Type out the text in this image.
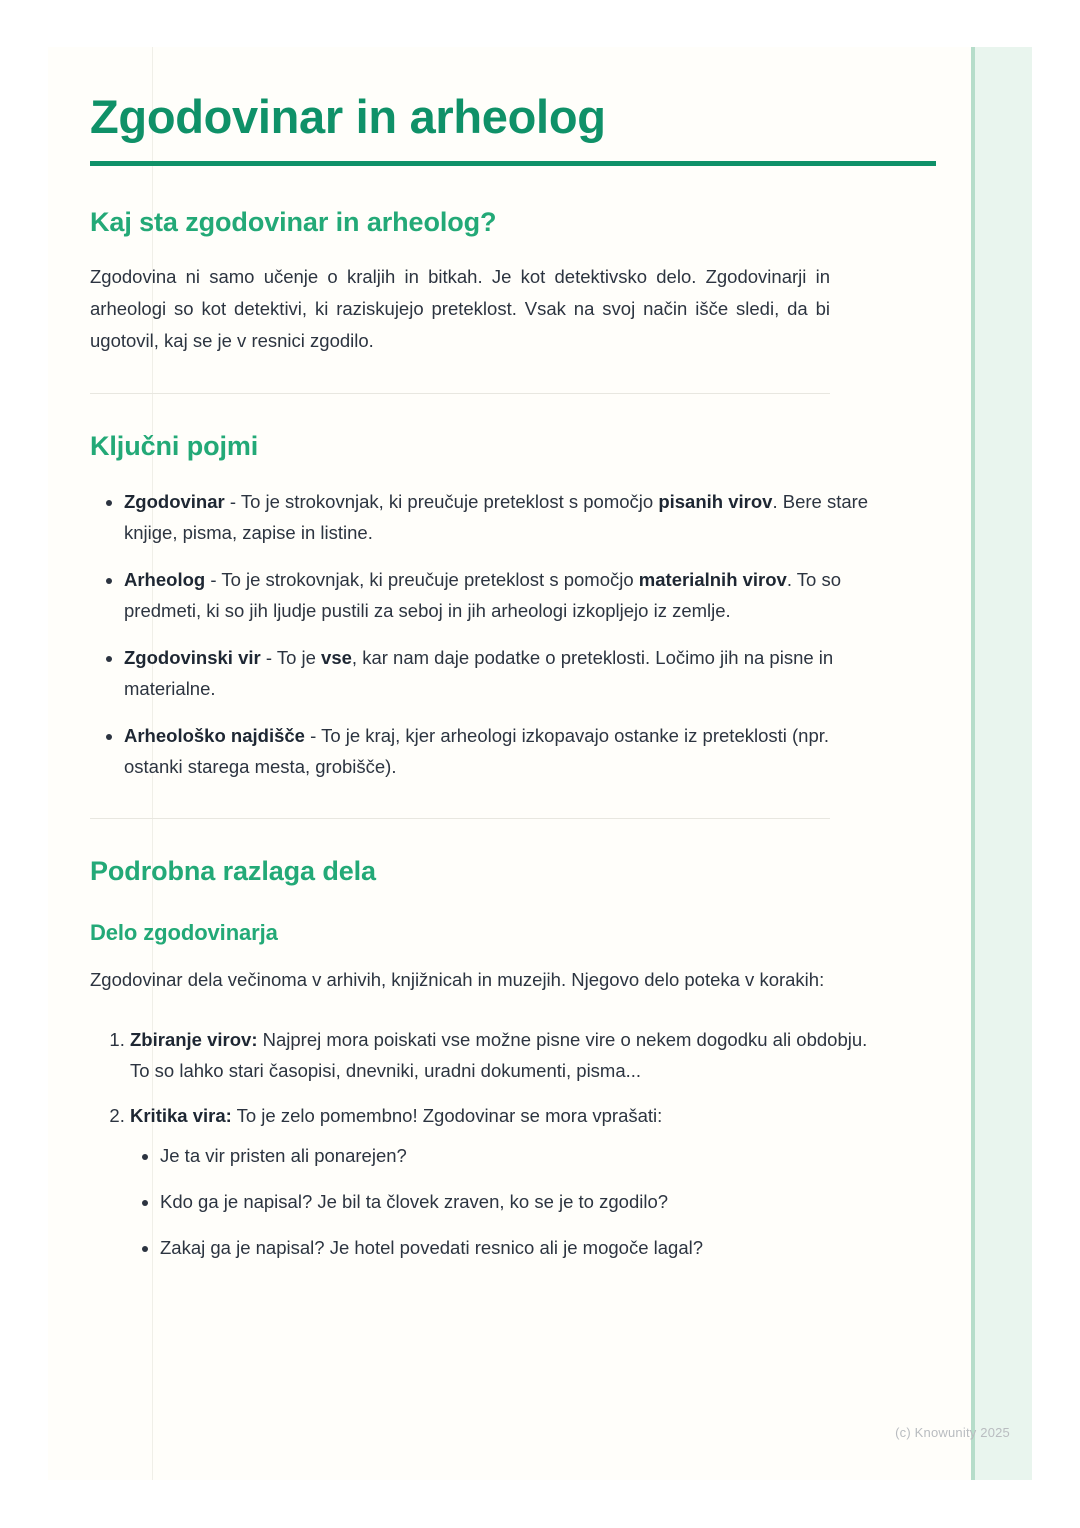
Zgodovinar in arheolog
Kaj sta zgodovinar in arheolog?

Zgodovina ni samo učenje o kraljih in bitkah. Je kot detektivsko delo. Zgodovinarji in arheologi so kot detektivi, ki raziskujejo preteklost. Vsak na svoj način išče sledi, da bi ugotovil, kaj se je v resnici zgodilo.

Ključni pojmi
• Zgodovinar - To je strokovnjak, ki preučuje preteklost s pomočjo pisanih virov. Bere stare knjige, pisma, zapise in listine.
• Arheolog - To je strokovnjak, ki preučuje preteklost s pomočjo materialnih virov. To so predmeti, ki so jih ljudje pustili za seboj in jih arheologi izkopljejo iz zemlje.
• Zgodovinski vir - To je vse, kar nam daje podatke o preteklosti. Ločimo jih na pisne in materialne.
• Arheološko najdišče - To je kraj, kjer arheologi izkopavajo ostanke iz preteklosti (npr. ostanki starega mesta, grobišče).
Podrobna razlaga dela
Delo zgodovinarja

Zgodovinar dela večinoma v arhivih, knjižnicah in muzejih. Njegovo delo poteka v korakih:

1. Zbiranje virov: Najprej mora poiskati vse možne pisne vire o nekem dogodku ali obdobju. To so lahko stari časopisi, dnevniki, uradni dokumenti, pisma...
2. Kritika vira: To je zelo pomembno! Zgodovinar se mora vprašati:
• Je ta vir pristen ali ponarejen?
• Kdo ga je napisal? Je bil ta človek zraven, ko se je to zgodilo?
• Zakaj ga je napisal? Je hotel povedati resnico ali je mogoče lagal?
(c) Knowunity 2025
